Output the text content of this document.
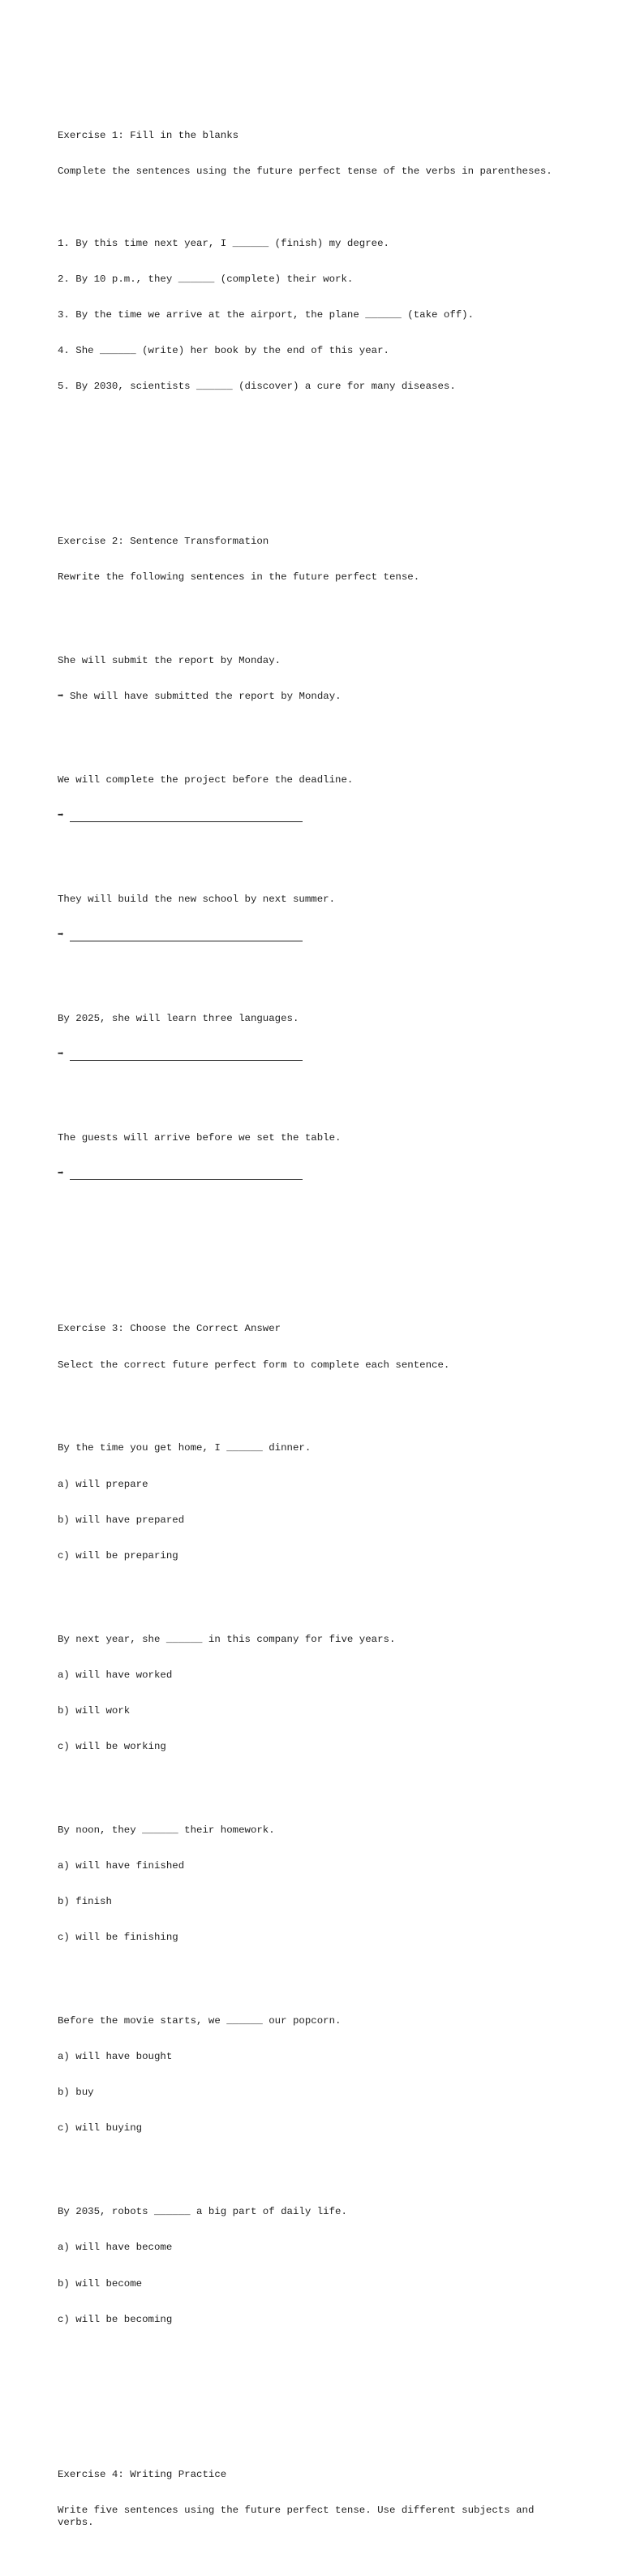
Exercise 1: Fill in the blanks

Complete the sentences using the future perfect tense of the verbs in parentheses.

1. By this time next year, I ______ (finish) my degree.

2. By 10 p.m., they ______ (complete) their work.

3. By the time we arrive at the airport, the plane ______ (take off).

4. She ______ (write) her book by the end of this year.

5. By 2030, scientists ______ (discover) a cure for many diseases.

Exercise 2: Sentence Transformation

Rewrite the following sentences in the future perfect tense.

She will submit the report by Monday.

➡ She will have submitted the report by Monday.

We will complete the project before the deadline.

➡

They will build the new school by next summer.

➡

By 2025, she will learn three languages.

➡

The guests will arrive before we set the table.

➡

Exercise 3: Choose the Correct Answer

Select the correct future perfect form to complete each sentence.

By the time you get home, I ______ dinner.

a) will prepare

b) will have prepared

c) will be preparing

By next year, she ______ in this company for five years.

a) will have worked

b) will work

c) will be working

By noon, they ______ their homework.

a) will have finished

b) finish

c) will be finishing

Before the movie starts, we ______ our popcorn.

a) will have bought

b) buy

c) will buying

By 2035, robots ______ a big part of daily life.

a) will have become

b) will become

c) will be becoming

Exercise 4: Writing Practice

Write five sentences using the future perfect tense. Use different subjects and verbs.
